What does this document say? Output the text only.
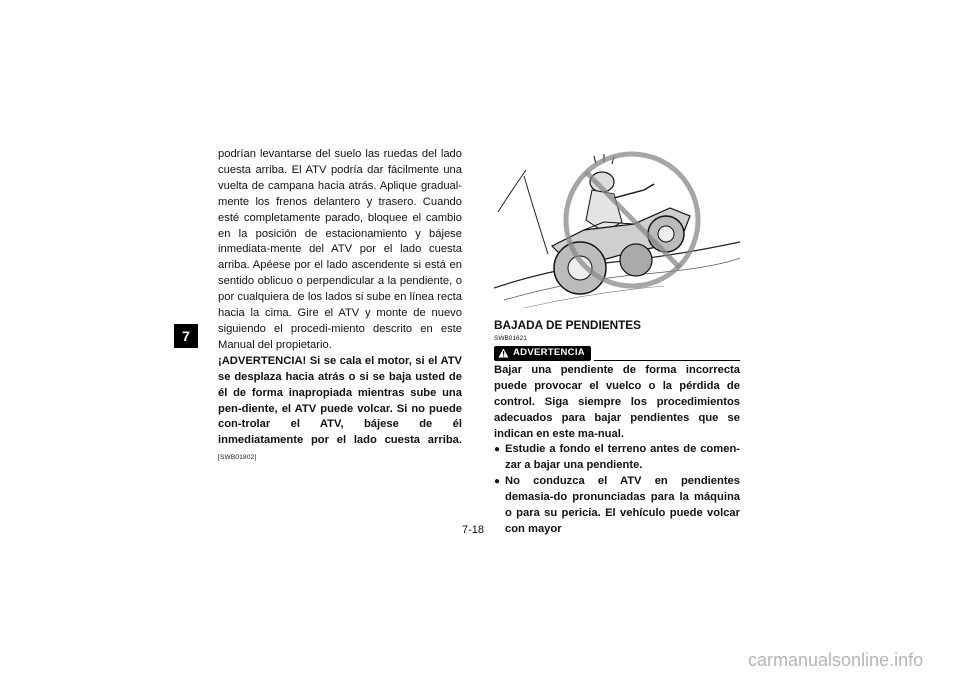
7

podrían levantarse del suelo las ruedas del lado cuesta arriba. El ATV podría dar fácilmente una vuelta de campana hacia atrás. Aplique gradual-mente los frenos delantero y trasero. Cuando esté completamente parado, bloquee el cambio en la posición de estacionamiento y bájese inmediata-mente del ATV por el lado cuesta arriba. Apéese por el lado ascendente si está en sentido oblicuo o perpendicular a la pendiente, o por cualquiera de los lados si sube en línea recta hacia la cima. Gire el ATV y monte de nuevo siguiendo el procedi-miento descrito en este Manual del propietario.

¡ADVERTENCIA! Si se cala el motor, si el ATV se desplaza hacia atrás o si se baja usted de él de forma inapropiada mientras sube una pen-diente, el ATV puede volcar. Si no puede con-trolar el ATV, bájese de él inmediatamente por el lado cuesta arriba. [SWB01802]

BAJADA DE PENDIENTES

SWB01621
ADVERTENCIA

Bajar una pendiente de forma incorrecta puede provocar el vuelco o la pérdida de control. Siga siempre los procedimientos adecuados para bajar pendientes que se indican en este ma-nual.

● Estudie a fondo el terreno antes de comen-zar a bajar una pendiente.
● No conduzca el ATV en pendientes demasia-do pronunciadas para la máquina o para su pericia. El vehículo puede volcar con mayor
7-18
carmanualsonline.info
